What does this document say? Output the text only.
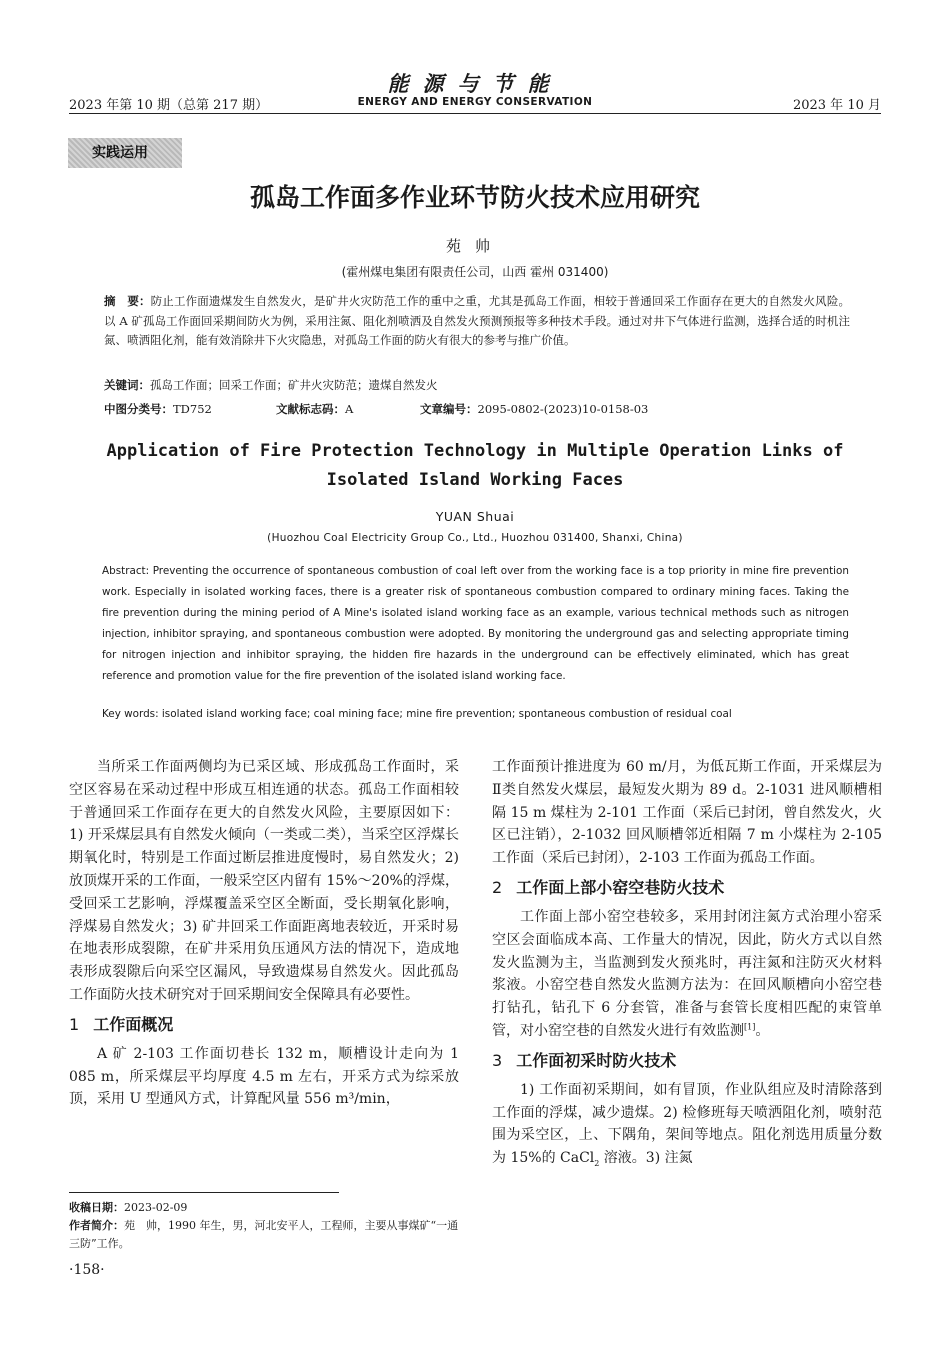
2023 年第 10 期（总第 217 期）
能源与节能
ENERGY AND ENERGY CONSERVATION	2023 年 10 月
实践运用
孤岛工作面多作业环节防火技术应用研究
苑帅
(霍州煤电集团有限责任公司，山西 霍州 031400)
摘　要：防止工作面遗煤发生自然发火，是矿井火灾防范工作的重中之重，尤其是孤岛工作面，相较于普通回采工作面存在更大的自然发火风险。以 A 矿孤岛工作面回采期间防火为例，采用注氮、阻化剂喷洒及自然发火预测预报等多种技术手段。通过对井下气体进行监测，选择合适的时机注氮、喷洒阻化剂，能有效消除井下火灾隐患，对孤岛工作面的防火有很大的参考与推广价值。
关键词：孤岛工作面；回采工作面；矿井火灾防范；遗煤自然发火
中图分类号：TD752	文献标志码：A	文章编号：2095-0802-(2023)10-0158-03
Application of Fire Protection Technology in Multiple Operation Links of Isolated Island Working Faces
YUAN Shuai
(Huozhou Coal Electricity Group Co., Ltd., Huozhou 031400, Shanxi, China)
Abstract: Preventing the occurrence of spontaneous combustion of coal left over from the working face is a top priority in mine fire prevention work. Especially in isolated working faces, there is a greater risk of spontaneous combustion compared to ordinary mining faces. Taking the fire prevention during the mining period of A Mine's isolated island working face as an example, various technical methods such as nitrogen injection, inhibitor spraying, and spontaneous combustion were adopted. By monitoring the underground gas and selecting appropriate timing for nitrogen injection and inhibitor spraying, the hidden fire hazards in the underground can be effectively eliminated, which has great reference and promotion value for the fire prevention of the isolated island working face.
Key words: isolated island working face; coal mining face; mine fire prevention; spontaneous combustion of residual coal

当所采工作面两侧均为已采区域、形成孤岛工作面时，采空区容易在采动过程中形成互相连通的状态。孤岛工作面相较于普通回采工作面存在更大的自然发火风险，主要原因如下：1) 开采煤层具有自然发火倾向（一类或二类），当采空区浮煤长期氧化时，特别是工作面过断层推进度慢时，易自然发火；2) 放顶煤开采的工作面，一般采空区内留有 15%～20%的浮煤，受回采工艺影响，浮煤覆盖采空区全断面，受长期氧化影响，浮煤易自然发火；3) 矿井回采工作面距离地表较近，开采时易在地表形成裂隙，在矿井采用负压通风方法的情况下，造成地表形成裂隙后向采空区漏风，导致遗煤易自然发火。因此孤岛工作面防火技术研究对于回采期间安全保障具有必要性。

1 工作面概况

A 矿 2-103 工作面切巷长 132 m，顺槽设计走向为 1 085 m，所采煤层平均厚度 4.5 m 左右，开采方式为综采放顶，采用 U 型通风方式，计算配风量 556 m³/min，

工作面预计推进度为 60 m/月，为低瓦斯工作面，开采煤层为Ⅱ类自然发火煤层，最短发火期为 89 d。2-1031 进风顺槽相隔 15 m 煤柱为 2-101 工作面（采后已封闭，曾自然发火，火区已注销），2-1032 回风顺槽邻近相隔 7 m 小煤柱为 2-105 工作面（采后已封闭），2-103 工作面为孤岛工作面。

2 工作面上部小窑空巷防火技术

工作面上部小窑空巷较多，采用封闭注氮方式治理小窑采空区会面临成本高、工作量大的情况，因此，防火方式以自然发火监测为主，当监测到发火预兆时，再注氮和注防灭火材料浆液。小窑空巷自然发火监测方法为：在回风顺槽向小窑空巷打钻孔，钻孔下 6 分套管，准备与套管长度相匹配的束管单管，对小窑空巷的自然发火进行有效监测[1]。

3 工作面初采时防火技术

1) 工作面初采期间，如有冒顶，作业队组应及时清除落到工作面的浮煤，减少遗煤。2) 检修班每天喷洒阻化剂，喷射范围为采空区，上、下隅角，架间等地点。阻化剂选用质量分数为 15%的 CaCl$_2$ 溶液。3) 注氮

收稿日期：2023-02-09
作者简介：苑　帅，1990 年生，男，河北安平人，工程师，主要从事煤矿“一通三防”工作。
·158·
